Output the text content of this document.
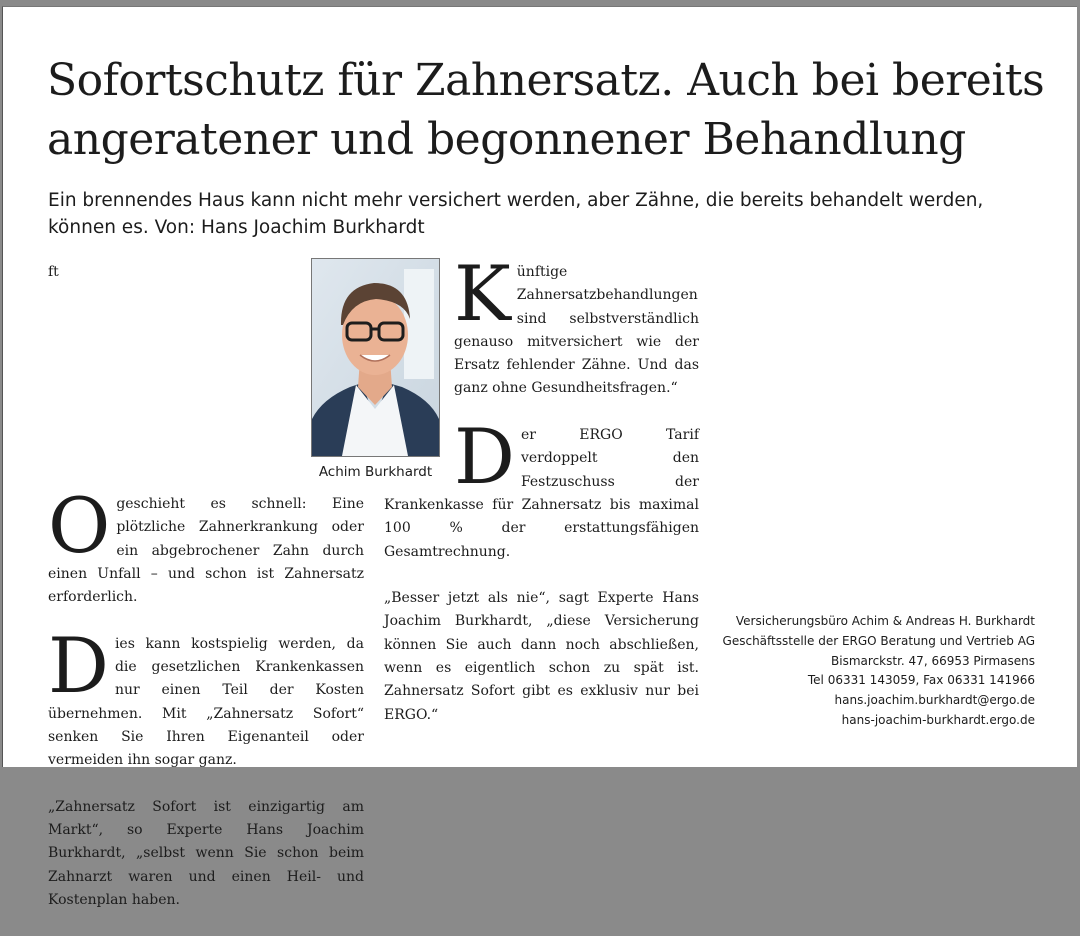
Sofortschutz für Zahnersatz. Auch bei bereits angeratener und begonnener Behandlung

Ein brennendes Haus kann nicht mehr versichert werden, aber Zähne, die bereits behandelt werden, können es. Von: Hans Joachim Burkhardt

O
ft geschieht es schnell: Eine plötzliche Zahnerkrankung oder ein abgebrochener Zahn durch einen Unfall – und schon ist Zahnersatz erforderlich.

Dies kann kostspielig werden, da die gesetzlichen Krankenkassen nur einen Teil der Kosten übernehmen. Mit „Zahnersatz Sofort“ senken Sie Ihren Eigenanteil oder vermeiden ihn sogar ganz.

„Zahnersatz Sofort ist einzigartig am Markt“, so Experte Hans Joachim Burkhardt, „selbst wenn Sie schon beim Zahnarzt waren und einen Heil- und Kostenplan haben.

Künftige Zahnersatzbehandlungen sind selbstverständlich genauso mitversichert wie der Ersatz fehlender Zähne. Und das ganz ohne Gesundheitsfragen.“

Der ERGO Tarif verdoppelt den Festzuschuss der Krankenkasse für Zahnersatz bis maximal 100 % der erstattungsfähigen Gesamtrechnung.

„Besser jetzt als nie“, sagt Experte Hans Joachim Burkhardt, „diese Versicherung können Sie auch dann noch abschließen, wenn es eigentlich schon zu spät ist. Zahnersatz Sofort gibt es exklusiv nur bei ERGO.“

Achim Burkhardt
Versicherungsbüro Achim & Andreas H. Burkhardt
Geschäftsstelle der ERGO Beratung und Vertrieb AG
Bismarckstr. 47, 66953 Pirmasens
Tel 06331 143059, Fax 06331 141966
hans.joachim.burkhardt@ergo.de
hans-joachim-burkhardt.ergo.de
